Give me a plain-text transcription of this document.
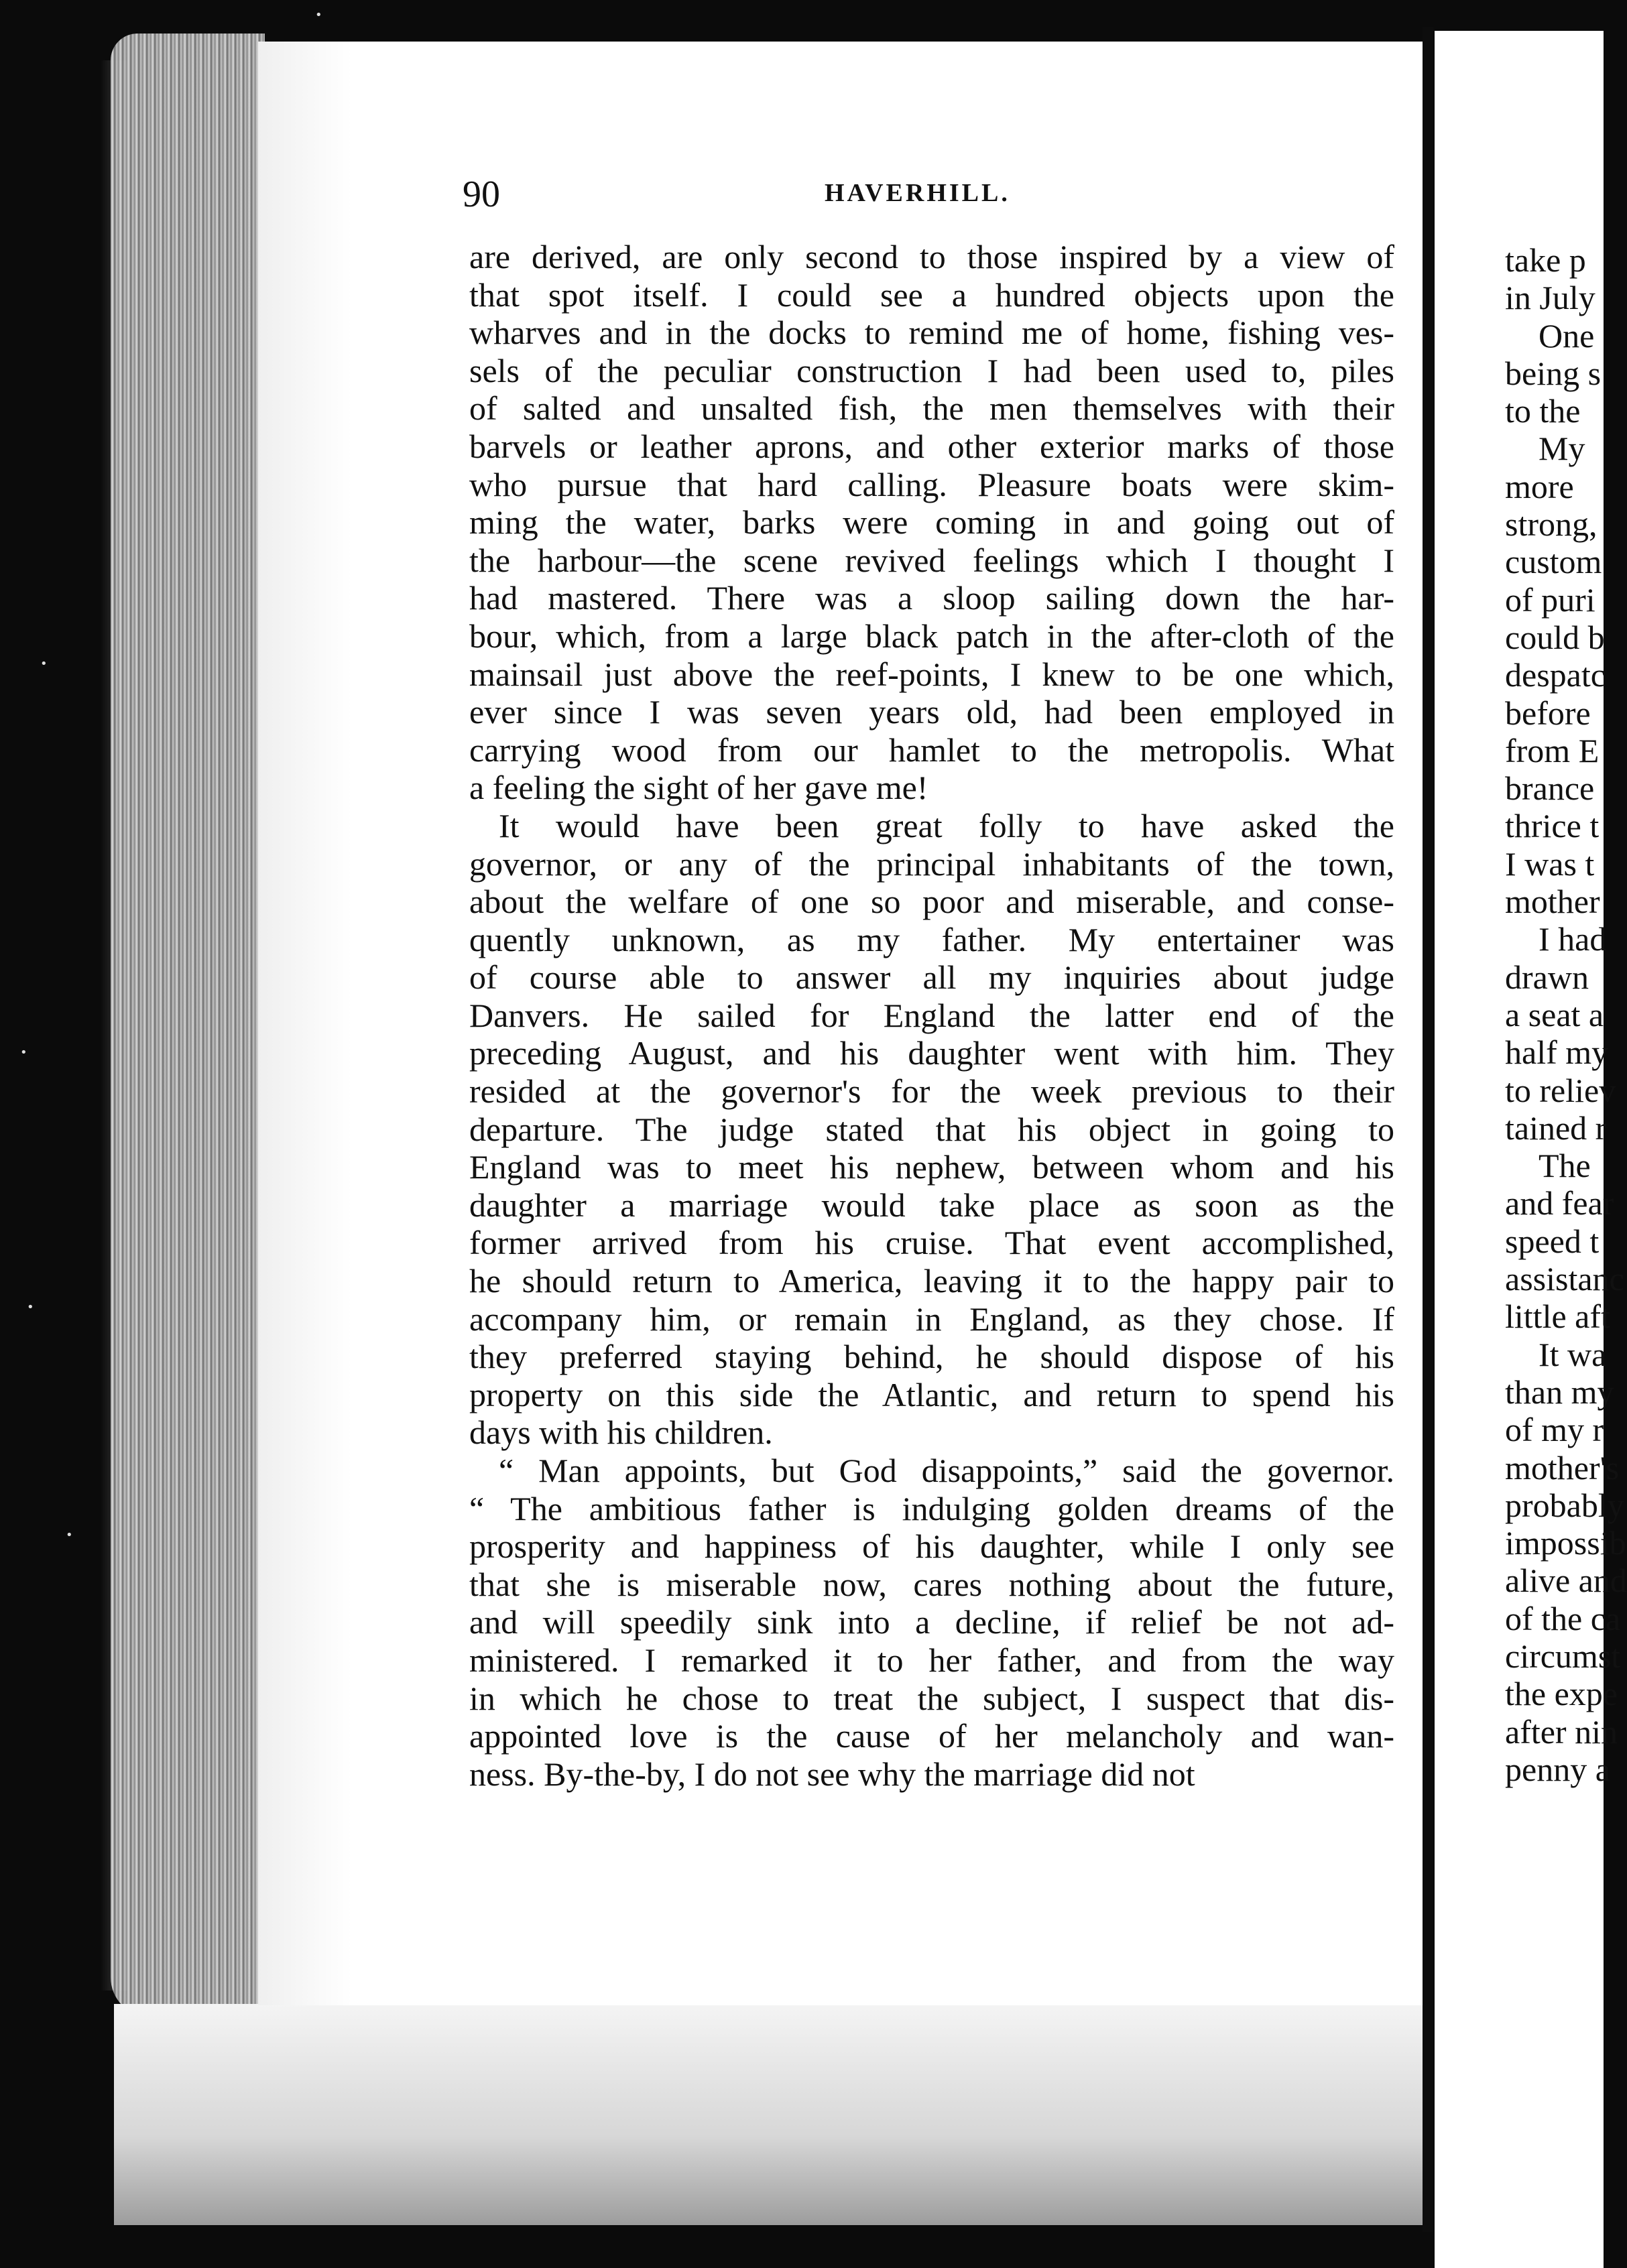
•
•
•
•
•
90	HAVERHILL.

are derived, are only second to those inspired by a view of
that spot itself. I could see a hundred objects upon the
wharves and in the docks to remind me of home, fishing ves-
sels of the peculiar construction I had been used to, piles
of salted and unsalted fish, the men themselves with their
barvels or leather aprons, and other exterior marks of those
who pursue that hard calling. Pleasure boats were skim-
ming the water, barks were coming in and going out of
the harbour—the scene revived feelings which I thought I
had mastered. There was a sloop sailing down the har-
bour, which, from a large black patch in the after-cloth of the
mainsail just above the reef-points, I knew to be one which,
ever since I was seven years old, had been employed in
carrying wood from our hamlet to the metropolis. What
a feeling the sight of her gave me!

It would have been great folly to have asked the
governor, or any of the principal inhabitants of the town,
about the welfare of one so poor and miserable, and conse-
quently unknown, as my father. My entertainer was
of course able to answer all my inquiries about judge
Danvers. He sailed for England the latter end of the
preceding August, and his daughter went with him. They
resided at the governor's for the week previous to their
departure. The judge stated that his object in going to
England was to meet his nephew, between whom and his
daughter a marriage would take place as soon as the
former arrived from his cruise. That event accomplished,
he should return to America, leaving it to the happy pair to
accompany him, or remain in England, as they chose. If
they preferred staying behind, he should dispose of his
property on this side the Atlantic, and return to spend his
days with his children.

“ Man appoints, but God disappoints,” said the governor.
“ The ambitious father is indulging golden dreams of the
prosperity and happiness of his daughter, while I only see
that she is miserable now, cares nothing about the future,
and will speedily sink into a decline, if relief be not ad-
ministered. I remarked it to her father, and from the way
in which he chose to treat the subject, I suspect that dis-
appointed love is the cause of her melancholy and wan-
ness. By-the-by, I do not see why the marriage did not

take p
in July
One
being s
to the
My
more
strong,
custom
of puri
could b
despatc
before
from E
brance
thrice t
I was t
mother
I had
drawn
a seat a
half my
to reliev
tained r
The
and fear
speed t
assistanc
little aft
It wa
than my
of my r
mother's
probably
impossib
alive and
of the ca
circumst
the expe
after nin
penny a
